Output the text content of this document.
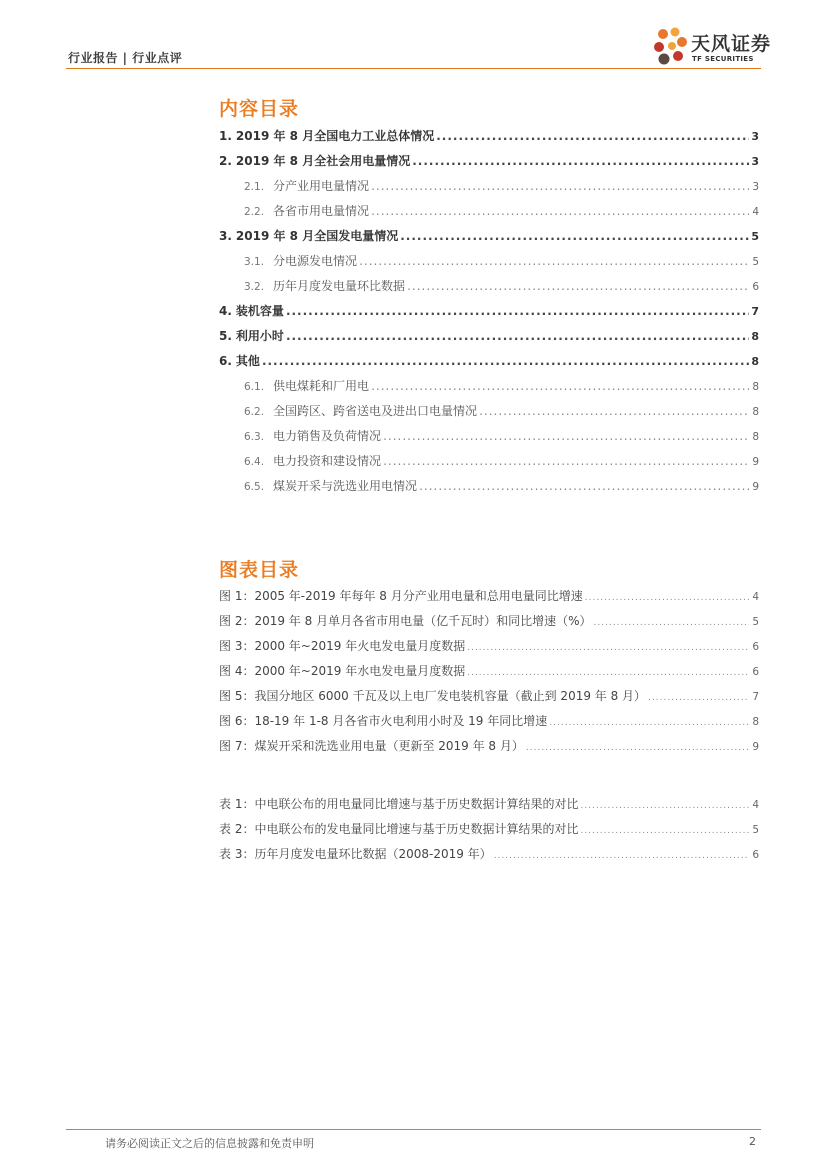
行业报告 | 行业点评
天风证券
TF SECURITIES
内容目录
1. 2019 年 8 月全国电力工业总体情况 .....	3
2. 2019 年 8 月全社会用电量情况 .....	3
2.1. 分产业用电量情况 .....	3
2.2. 各省市用电量情况 .....	4
3. 2019 年 8 月全国发电量情况 .....	5
3.1. 分电源发电情况 .....	5
3.2. 历年月度发电量环比数据 .....	6
4. 装机容量 .....	7
5. 利用小时 .....	8
6. 其他 .....	8
6.1. 供电煤耗和厂用电 .....	8
6.2. 全国跨区、跨省送电及进出口电量情况 .....	8
6.3. 电力销售及负荷情况 .....	8
6.4. 电力投资和建设情况 .....	9
6.5. 煤炭开采与洗选业用电情况 .....	9
图表目录
图 1：2005 年-2019 年每年 8 月分产业用电量和总用电量同比增速 .....	4
图 2：2019 年 8 月单月各省市用电量（亿千瓦时）和同比增速（%） .....	5
图 3：2000 年~2019 年火电发电量月度数据 .....	6
图 4：2000 年~2019 年水电发电量月度数据 .....	6
图 5：我国分地区 6000 千瓦及以上电厂发电装机容量（截止到 2019 年 8 月） .....	7
图 6：18-19 年 1-8 月各省市火电利用小时及 19 年同比增速 .....	8
图 7：煤炭开采和洗选业用电量（更新至 2019 年 8 月） .....	9
表 1：中电联公布的用电量同比增速与基于历史数据计算结果的对比 .....	4
表 2：中电联公布的发电量同比增速与基于历史数据计算结果的对比 .....	5
表 3：历年月度发电量环比数据（2008-2019 年） .....	6
请务必阅读正文之后的信息披露和免责申明	2
